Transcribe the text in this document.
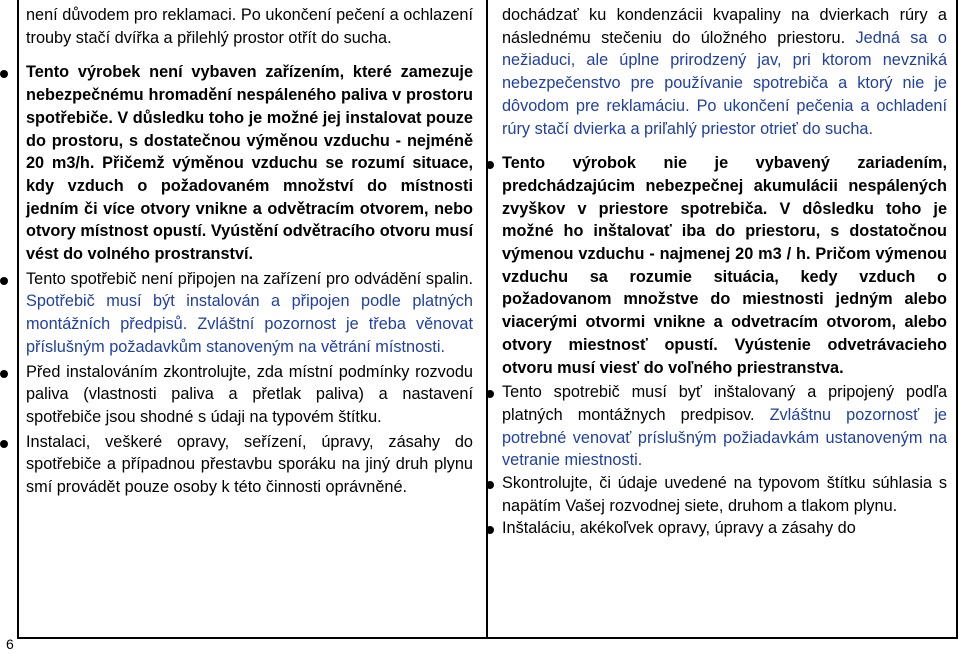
není důvodem pro reklamaci. Po ukončení pečení a ochlazení trouby stačí dvířka a přilehlý prostor otřít do sucha.

Tento výrobek není vybaven zařízením, které zamezuje nebezpečnému hromadění nespáleného paliva v prostoru spotřebiče. V důsledku toho je možné jej instalovat pouze do prostoru, s dostatečnou výměnou vzduchu - nejméně 20 m3/h. Přičemž výměnou vzduchu se rozumí situace, kdy vzduch o požadovaném množství do místnosti jedním či více otvory vnikne a odvětracím otvorem, nebo otvory místnost opustí. Vyústění odvětracího otvoru musí vést do volného prostranství.
Tento spotřebič není připojen na zařízení pro odvádění spalin. Spotřebič musí být instalován a připojen podle platných montážních předpisů. Zvláštní pozornost je třeba věnovat příslušným požadavkům stanoveným na větrání místnosti.
Před instalováním zkontrolujte, zda místní podmínky rozvodu paliva (vlastnosti paliva a přetlak paliva) a nastavení spotřebiče jsou shodné s údaji na typovém štítku.
Instalaci, veškeré opravy, seřízení, úpravy, zásahy do spotřebiče a případnou přestavbu sporáku na jiný druh plynu smí provádět pouze osoby k této činnosti oprávněné.

dochádzať ku kondenzácii kvapaliny na dvierkach rúry a následnému stečeniu do úložného priestoru. Jedná sa o nežiaduci, ale úplne prirodzený jav, pri ktorom nevzniká nebezpečenstvo pre používanie spotrebiča a ktorý nie je dôvodom pre reklamáciu. Po ukončení pečenia a ochladení rúry stačí dvierka a priľahlý priestor otrieť do sucha.

Tento výrobok nie je vybavený zariadením, predchádzajúcim nebezpečnej akumulácii nespálených zvyškov v priestore spotrebiča. V dôsledku toho je možné ho inštalovať iba do priestoru, s dostatočnou výmenou vzduchu - najmenej 20 m3 / h. Pričom výmenou vzduchu sa rozumie situácia, kedy vzduch o požadovanom množstve do miestnosti jedným alebo viacerými otvormi vnikne a odvetracím otvorom, alebo otvory miestnosť opustí. Vyústenie odvetrávacieho otvoru musí viesť do voľného priestranstva.
Tento spotrebič musí byť inštalovaný a pripojený podľa platných montážnych predpisov. Zvláštnu pozornosť je potrebné venovať príslušným požiadavkám ustanoveným na vetranie miestnosti.
Skontrolujte, či údaje uvedené na typovom štítku súhlasia s napätím Vašej rozvodnej siete, druhom a tlakom plynu.
Inštaláciu, akékoľvek opravy, úpravy a zásahy do
6
